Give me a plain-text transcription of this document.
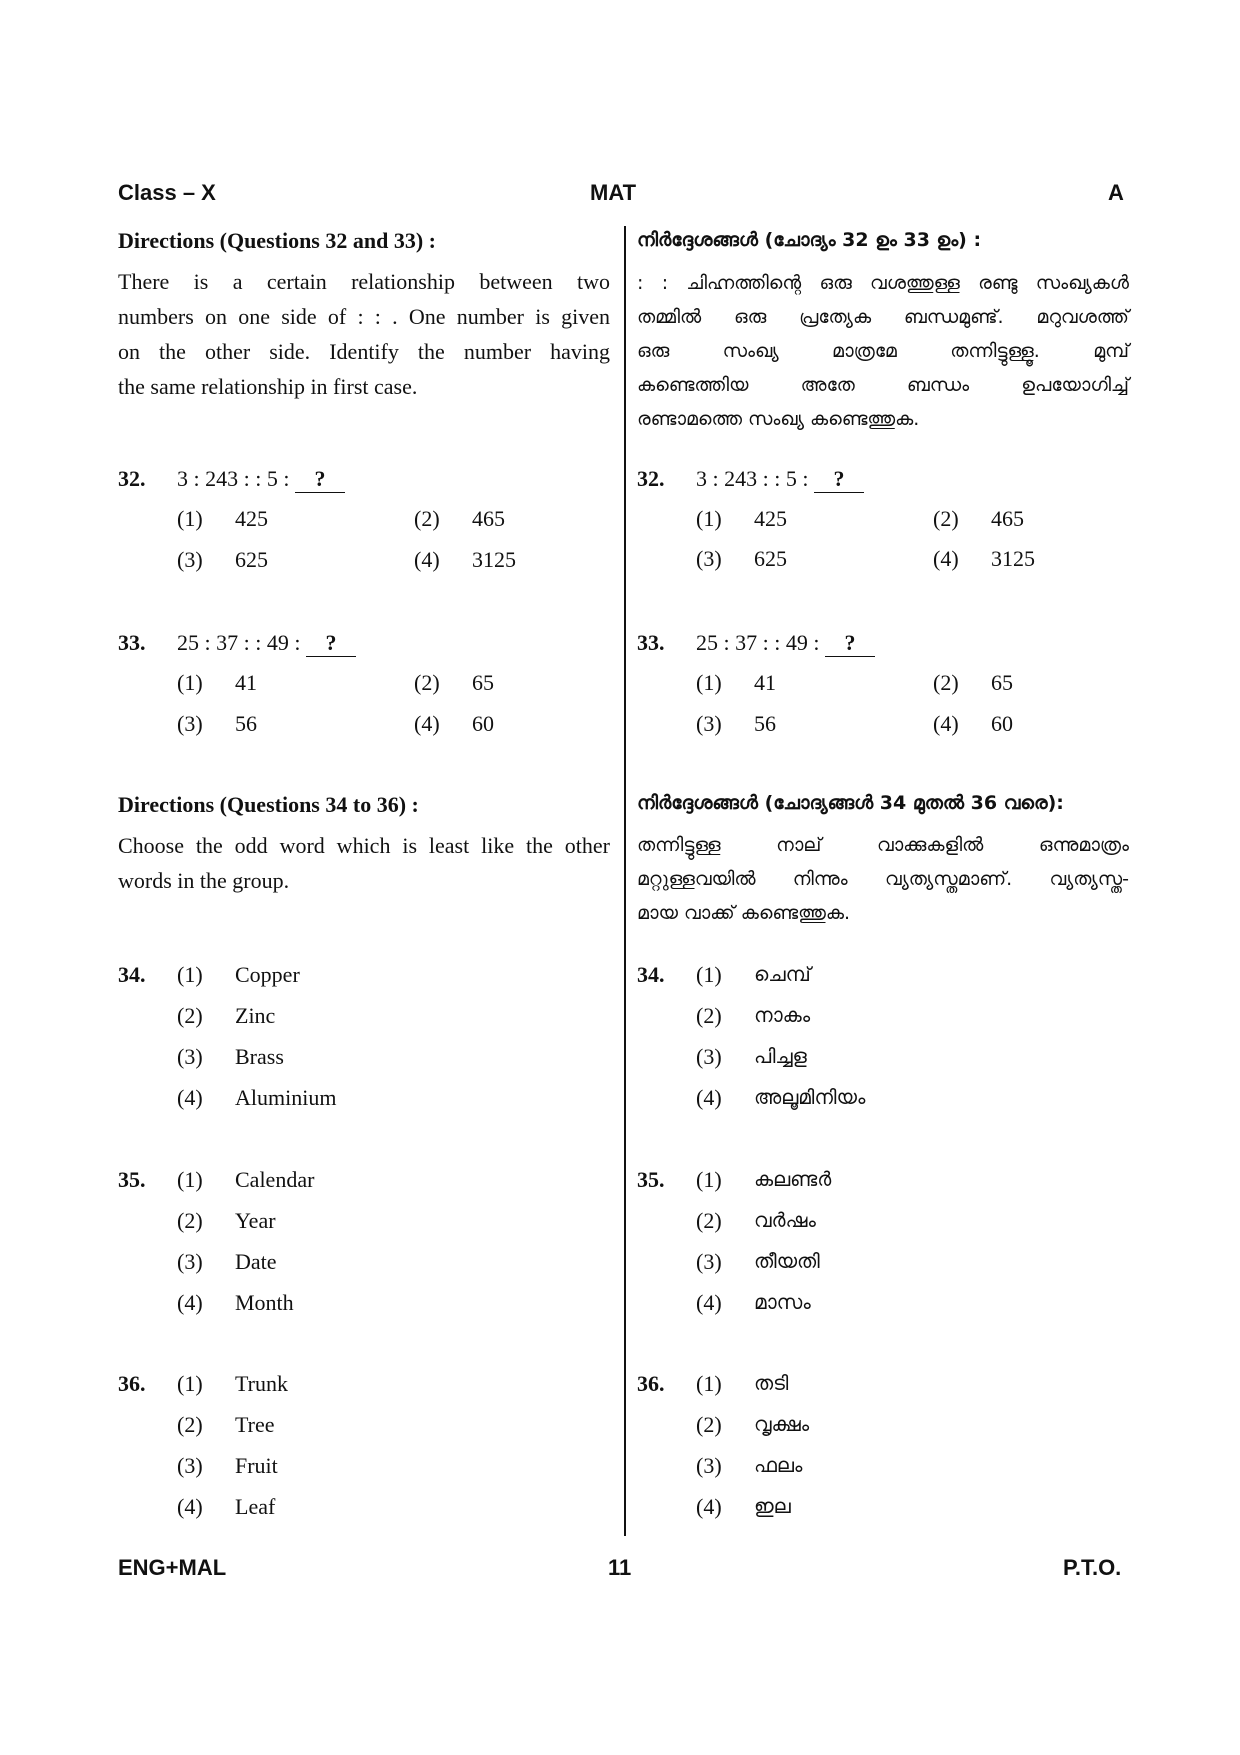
Class – X	MAT	A
Directions (Questions 32 and 33) :
There is a certain relationship between two
numbers on one side of : : . One number is given
on the other side. Identify the number having
the same relationship in first case.
32. 3 : 243 : : 5 : ?
(1) 425	(2) 465
(3) 625	(4) 3125
33. 25 : 37 : : 49 : ?
(1) 41	(2) 65
(3) 56	(4) 60
Directions (Questions 34 to 36) :
Choose the odd word which is least like the other
words in the group.
34. (1) Copper
(2) Zinc
(3) Brass
(4) Aluminium
35. (1) Calendar
(2) Year
(3) Date
(4) Month
36. (1) Trunk
(2) Tree
(3) Fruit
(4) Leaf
നിർദ്ദേശങ്ങൾ (ചോദ്യം 32 ഉം 33 ഉം) :
: : ചിഹ്നത്തിന്റെ ഒരു വശത്തുള്ള രണ്ടു സംഖ്യകൾ
തമ്മിൽ ഒരു പ്രത്യേക ബന്ധമുണ്ട്. മറുവശത്ത്
ഒരു സംഖ്യ മാത്രമേ തന്നിട്ടുള്ളൂ. മുമ്പ്
കണ്ടെത്തിയ അതേ ബന്ധം ഉപയോഗിച്ച്
രണ്ടാമത്തെ സംഖ്യ കണ്ടെത്തുക.
32. 3 : 243 : : 5 : ?
(1) 425	(2) 465
(3) 625	(4) 3125
33. 25 : 37 : : 49 : ?
(1) 41	(2) 65
(3) 56	(4) 60
നിർദ്ദേശങ്ങൾ (ചോദ്യങ്ങൾ 34 മുതൽ 36 വരെ):
തന്നിട്ടുള്ള നാല് വാക്കുകളിൽ ഒന്നുമാത്രം
മറ്റുള്ളവയിൽ നിന്നും വ്യത്യസ്തമാണ്. വ്യത്യസ്ത-
മായ വാക്ക് കണ്ടെത്തുക.
34. (1) ചെമ്പ്
(2) നാകം
(3) പിച്ചള
(4) അലൂമിനിയം
35. (1) കലണ്ടർ
(2) വർഷം
(3) തീയതി
(4) മാസം
36. (1) തടി
(2) വൃക്ഷം
(3) ഫലം
(4) ഇല
ENG+MAL	11	P.T.O.
